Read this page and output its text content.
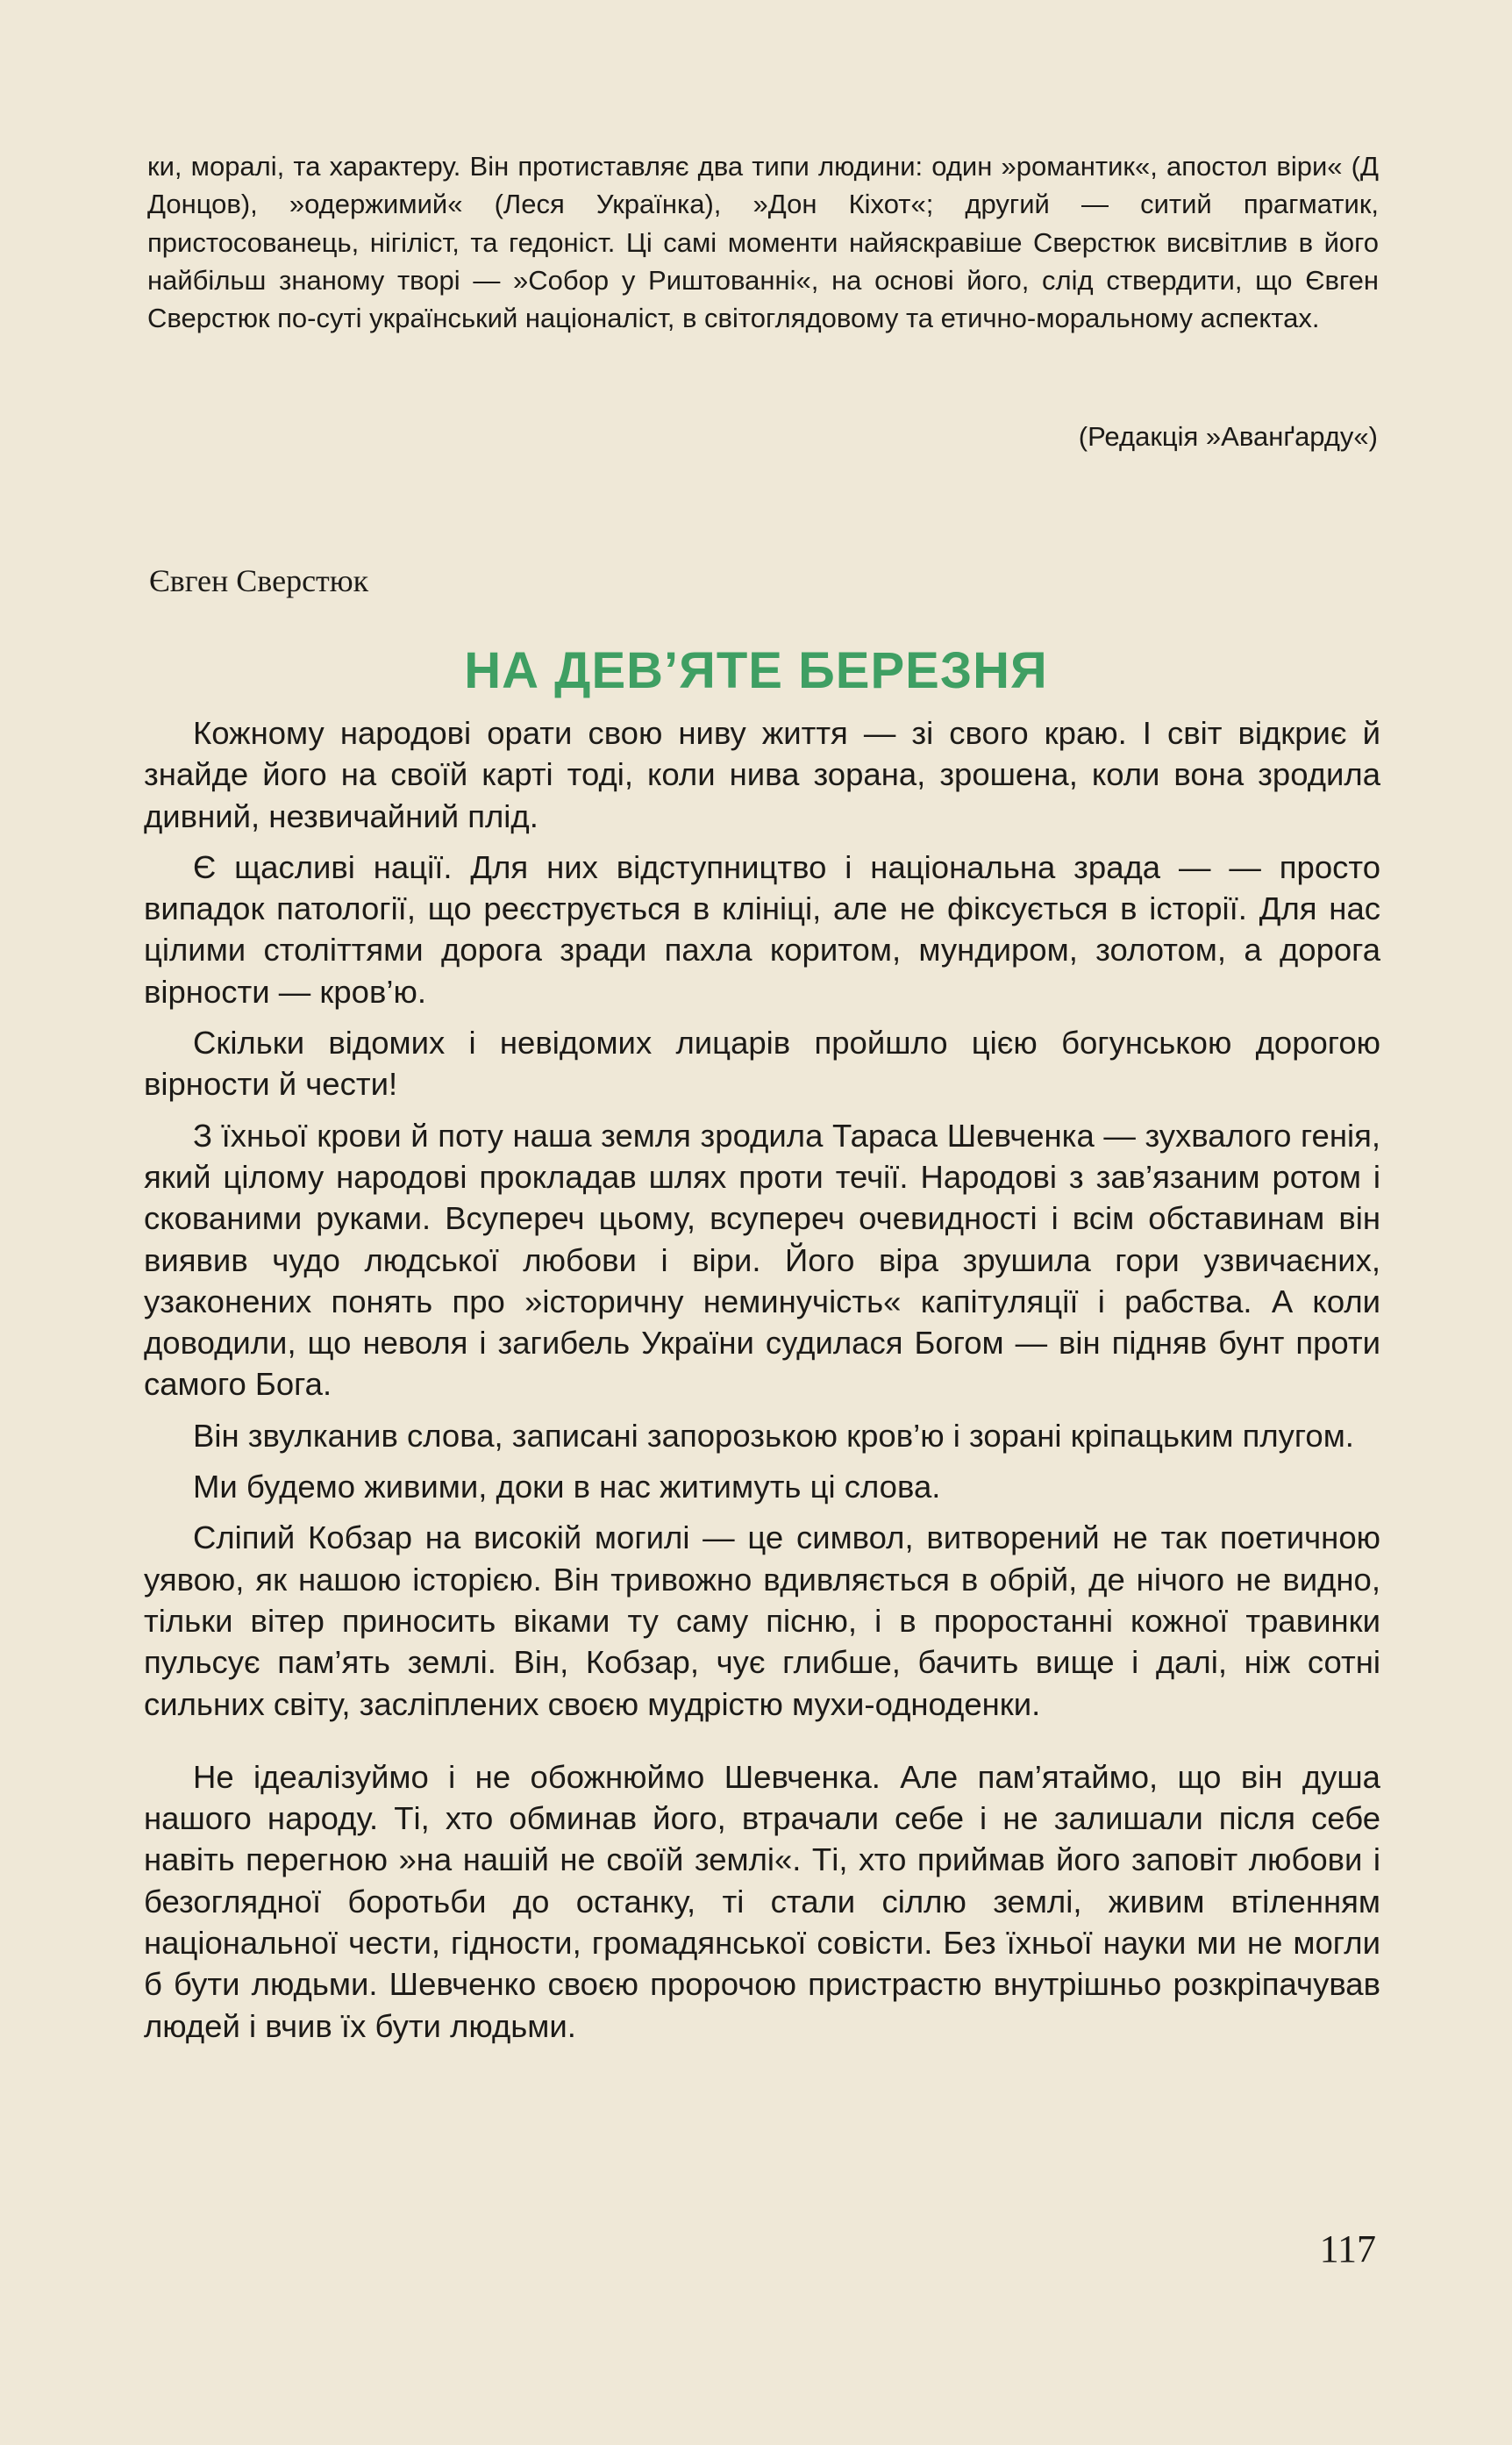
ки, моралі, та характеру. Він протиставляє два типи людини: один »романтик«, апостол віри« (Д Донцов), »одержимий« (Леся Українка), »Дон Кіхот«; другий — ситий прагматик, пристосованець, нігіліст, та гедоніст. Ці самі моменти найяскравіше Сверстюк висвітлив в його найбільш знаному творі — »Собор у Риштованні«, на основі його, слід ствердити, що Євген Сверстюк по-суті український націоналіст, в світоглядовому та етично-моральному аспектах.

(Редакція »Аванґарду«)
Євген Сверстюк
НА ДЕВ’ЯТЕ БЕРЕЗНЯ

Кожному народові орати свою ниву життя — зі свого краю. І світ відкриє й знайде його на своїй карті тоді, коли нива зорана, зрошена, коли вона зродила дивний, незвичайний плід.

Є щасливі нації. Для них відступництво і національна зрада — — просто випадок патології, що реєструється в клініці, але не фіксується в історії. Для нас цілими століттями дорога зради пахла коритом, мундиром, золотом, а дорога вірности — кров’ю.

Скільки відомих і невідомих лицарів пройшло цією богунською дорогою вірности й чести!

З їхньої крови й поту наша земля зродила Тараса Шевченка — зухвалого генія, який цілому народові прокладав шлях проти течії. Народові з зав’язаним ротом і скованими руками. Всупереч цьому, всупереч очевидності і всім обставинам він виявив чудо людської любови і віри. Його віра зрушила гори узвичаєних, узаконених понять про »історичну неминучість« капітуляції і рабства. А коли доводили, що неволя і загибель України судилася Богом — він підняв бунт проти самого Бога.

Він звулканив слова, записані запорозькою кров’ю і зорані кріпацьким плугом.

Ми будемо живими, доки в нас житимуть ці слова.

Сліпий Кобзар на високій могилі — це символ, витворений не так поетичною уявою, як нашою історією. Він тривожно вдивляється в обрій, де нічого не видно, тільки вітер приносить віками ту саму пісню, і в проростанні кожної травинки пульсує пам’ять землі. Він, Кобзар, чує глибше, бачить вище і далі, ніж сотні сильних світу, засліплених своєю мудрістю мухи-одноденки.

Не ідеалізуймо і не обожнюймо Шевченка. Але пам’ятаймо, що він душа нашого народу. Ті, хто обминав його, втрачали себе і не залишали після себе навіть перегною »на нашій не своїй землі«. Ті, хто приймав його заповіт любови і безоглядної боротьби до останку, ті стали сіллю землі, живим втіленням національної чести, гідности, громадянської совісти. Без їхньої науки ми не могли б бути людьми. Шевченко своєю пророчою пристрастю внутрішньо розкріпачував людей і вчив їх бути людьми.

117
